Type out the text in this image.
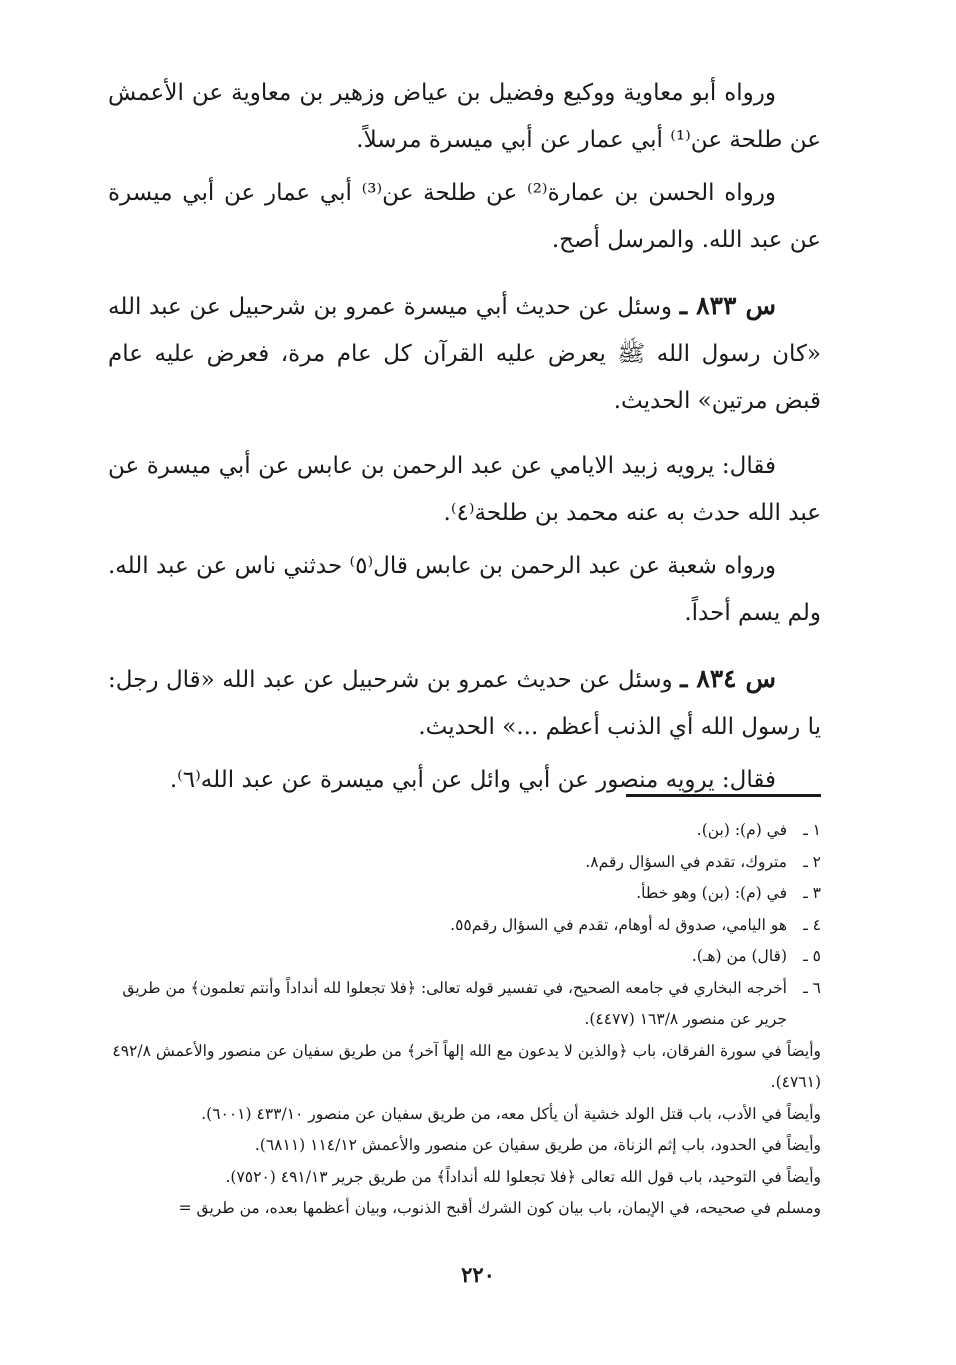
ورواه أبو معاوية ووكيع وفضيل بن عياض وزهير بن معاوية عن الأعمش عن طلحة عن⁽¹⁾ أبي عمار عن أبي ميسرة مرسلاً.

ورواه الحسن بن عمارة⁽²⁾ عن طلحة عن⁽³⁾ أبي عمار عن أبي ميسرة عن عبد الله. والمرسل أصح.

س ٨٣٣ ـ وسئل عن حديث أبي ميسرة عمرو بن شرحبيل عن عبد الله «كان رسول الله ﷺ يعرض عليه القرآن كل عام مرة، فعرض عليه عام قبض مرتين» الحديث.

فقال: يرويه زبيد الايامي عن عبد الرحمن بن عابس عن أبي ميسرة عن عبد الله حدث به عنه محمد بن طلحة⁽٤⁾.

ورواه شعبة عن عبد الرحمن بن عابس قال⁽٥⁾ حدثني ناس عن عبد الله. ولم يسم أحداً.

س ٨٣٤ ـ وسئل عن حديث عمرو بن شرحبيل عن عبد الله «قال رجل: يا رسول الله أي الذنب أعظم ...» الحديث.

فقال: يرويه منصور عن أبي وائل عن أبي ميسرة عن عبد الله⁽٦⁾.

١ ـفي (م): (بن).

٢ ـمتروك، تقدم في السؤال رقم٨.

٣ ـفي (م): (بن) وهو خطأ.

٤ ـهو اليامي، صدوق له أوهام، تقدم في السؤال رقم٥٥.

٥ ـ(قال) من (هـ).

٦ ـأخرجه البخاري في جامعه الصحيح، في تفسير قوله تعالى: ﴿فلا تجعلوا لله أنداداً وأنتم تعلمون﴾ من طريق جرير عن منصور ١٦٣/٨ (٤٤٧٧).

وأيضاً في سورة الفرقان، باب ﴿والذين لا يدعون مع الله إلهاً آخر﴾ من طريق سفيان عن منصور والأعمش ٤٩٢/٨ (٤٧٦١).

وأيضاً في الأدب، باب قتل الولد خشية أن يأكل معه، من طريق سفيان عن منصور ٤٣٣/١٠ (٦٠٠١).

وأيضاً في الحدود، باب إثم الزناة، من طريق سفيان عن منصور والأعمش ١١٤/١٢ (٦٨١١).

وأيضاً في التوحيد، باب قول الله تعالى ﴿فلا تجعلوا لله أنداداً﴾ من طريق جرير ٤٩١/١٣ (٧٥٢٠).

ومسلم في صحيحه، في الإيمان، باب بيان كون الشرك أقبح الذنوب، وبيان أعظمها بعده، من طريق =

٢٢٠
